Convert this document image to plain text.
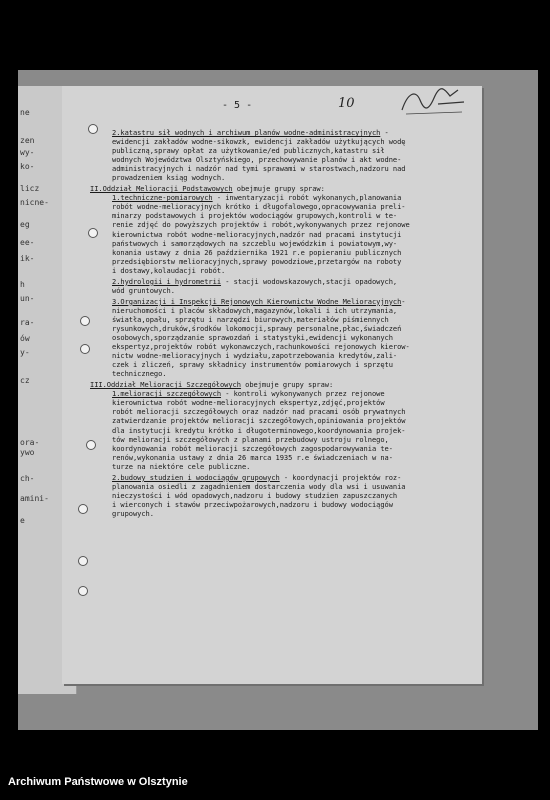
ne
zen
wy-
ko-
licz
nicne-
eg
ee-
ik-
h
un-
ra-
ów
y-
cz
ora-
ywo
ch-
amini-
e
- 5 -	10
2.katastru sił wodnych i archiwum planów wodne-administracyjnych -
ewidencji zakładów wodne-sikowzk, ewidencji zakładów użytkujących wodę
publiczną,sprawy opłat za użytkowanie/ed publicznych,katastru sił
wodnych Województwa Olsztyńskiego, przechowywanie planów i akt wodne-
administracyjnych i nadzór nad tymi sprawami w starostwach,nadzoru nad
prowadzeniem ksiąg wodnych.
II.Oddział Melioracji Podstawowych obejmuje grupy spraw:
1.techniczne-pomiarowych - inwentaryzacji robót wykonanych,planowania
robót wodne-melioracyjnych krótko i długofalowego,opracowywania preli-
minarzy podstawowych i projektów wodociągów grupowych,kontroli w te-
renie zdjęć do powyższych projektów i robót,wykonywanych przez rejonowe
kierownictwa robót wodne-melioracyjnych,nadzór nad pracami instytucji
państwowych i samorządowych na szczeblu wojewódzkim i powiatowym,wy-
konania ustawy z dnia 26 października 1921 r.e popieraniu publicznych
przedsiębiorstw melioracyjnych,sprawy powodziowe,przetargów na roboty
i dostawy,kolaudacji robót.
2.hydrologii i hydrometrii - stacji wodowskazowych,stacji opadowych,
wód gruntowych.
3.Organizacji i Inspekcji Rejonowych Kierownictw Wodne Melioracyjnych-
nieruchomości i placów składowych,magazynów,lokali i ich utrzymania,
światła,opału, sprzętu i narzędzi biurowych,materiałów piśmiennych
rysunkowych,druków,środków lokomocji,sprawy personalne,płac,świadczeń
osobowych,sporządzanie sprawozdań i statystyki,ewidencji wykonanych
ekspertyz,projektów robót wykonawczych,rachunkowości rejonowych kierow-
nictw wodne-melioracyjnych i wydziału,zapotrzebowania kredytów,zali-
czek i zliczeń, sprawy składnicy instrumentów pomiarowych i sprzętu
technicznego.
III.Oddział Melioracji Szczegółowych obejmuje grupy spraw:
1.melioracji szczegółowych - kontroli wykonywanych przez rejonowe
kierownictwa robót wodne-melioracyjnych ekspertyz,zdjęć,projektów
robót melioracji szczegółowych oraz nadzór nad pracami osób prywatnych
zatwierdzanie projektów melioracji szczegółowych,opiniowania projektów
dla instytucji kredytu krótko i długoterminowego,koordynowania projek-
tów melioracji szczegółowych z planami przebudowy ustroju rolnego,
koordynowania robót melioracji szczegółowych zagospodarowywania te-
renów,wykonania ustawy z dnia 26 marca 1935 r.e świadczeniach w na-
turze na niektóre cele publiczne.
2.budowy studzien i wodociągów grupowych - koordynacji projektów roz-
planowania osiedli z zagadnieniem dostarczenia wody dla wsi i usuwania
nieczystości i wód opadowych,nadzoru i budowy studzien zapuszczanych
i wierconych i stawów przeciwpożarowych,nadzoru i budowy wodociągów
grupowych.
Archiwum Państwowe w Olsztynie
